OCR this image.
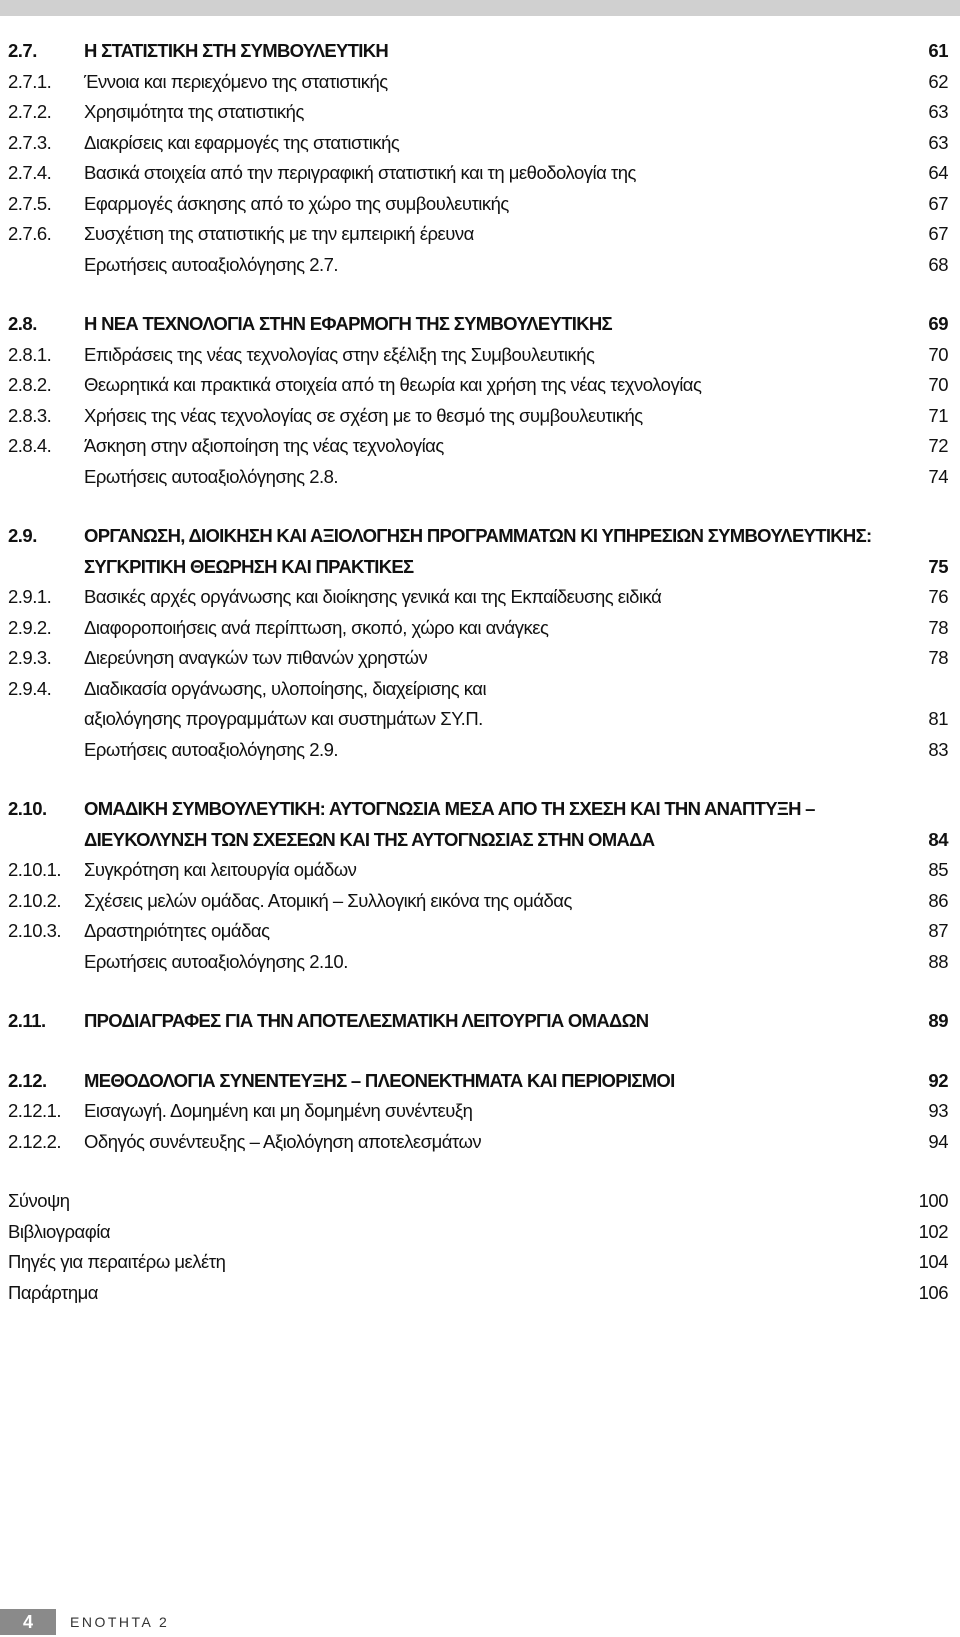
2.7.	Η ΣΤΑΤΙΣΤΙΚΗ ΣΤΗ ΣΥΜΒΟΥΛΕΥΤΙΚΗ	61
2.7.1. Έννοια και περιεχόμενο της στατιστικής	62
2.7.2. Χρησιμότητα της στατιστικής	63
2.7.3. Διακρίσεις και εφαρμογές της στατιστικής	63
2.7.4. Βασικά στοιχεία από την περιγραφική στατιστική και τη μεθοδολογία της	64
2.7.5. Εφαρμογές άσκησης από το χώρο της συμβουλευτικής	67
2.7.6. Συσχέτιση της στατιστικής με την εμπειρική έρευνα	67
Ερωτήσεις αυτοαξιολόγησης 2.7.	68
2.8.	Η ΝΕΑ ΤΕΧΝΟΛΟΓΙΑ ΣΤΗΝ ΕΦΑΡΜΟΓΗ ΤΗΣ ΣΥΜΒΟΥΛΕΥΤΙΚΗΣ	69
2.8.1. Επιδράσεις της νέας τεχνολογίας στην εξέλιξη της Συμβουλευτικής	70
2.8.2. Θεωρητικά και πρακτικά στοιχεία από τη θεωρία και χρήση της νέας τεχνολογίας	70
2.8.3. Χρήσεις της νέας τεχνολογίας σε σχέση με το θεσμό της συμβουλευτικής	71
2.8.4. Άσκηση στην αξιοποίηση της νέας τεχνολογίας	72
Ερωτήσεις αυτοαξιολόγησης 2.8.	74
2.9.	ΟΡΓΑΝΩΣΗ, ΔΙΟΙΚΗΣΗ ΚΑΙ ΑΞΙΟΛΟΓΗΣΗ ΠΡΟΓΡΑΜΜΑΤΩΝ ΚΙ ΥΠΗΡΕΣΙΩΝ ΣΥΜΒΟΥΛΕΥΤΙΚΗΣ:
ΣΥΓΚΡΙΤΙΚΗ ΘΕΩΡΗΣΗ ΚΑΙ ΠΡΑΚΤΙΚΕΣ	75
2.9.1. Βασικές αρχές οργάνωσης και διοίκησης γενικά και της Εκπαίδευσης ειδικά	76
2.9.2. Διαφοροποιήσεις ανά περίπτωση, σκοπό, χώρο και ανάγκες	78
2.9.3. Διερεύνηση αναγκών των πιθανών χρηστών	78
2.9.4. Διαδικασία οργάνωσης, υλοποίησης, διαχείρισης και
αξιολόγησης προγραμμάτων και συστημάτων ΣΥ.Π.	81
Ερωτήσεις αυτοαξιολόγησης 2.9.	83
2.10. ΟΜΑΔΙΚΗ ΣΥΜΒΟΥΛΕΥΤΙΚΗ: ΑΥΤΟΓΝΩΣΙΑ ΜΕΣΑ ΑΠΟ ΤΗ ΣΧΕΣΗ ΚΑΙ ΤΗΝ ΑΝΑΠΤΥΞΗ –
ΔΙΕΥΚΟΛΥΝΣΗ ΤΩΝ ΣΧΕΣΕΩΝ ΚΑΙ ΤΗΣ ΑΥΤΟΓΝΩΣΙΑΣ ΣΤΗΝ ΟΜΑΔΑ	84
2.10.1. Συγκρότηση και λειτουργία ομάδων	85
2.10.2. Σχέσεις μελών ομάδας. Ατομική – Συλλογική εικόνα της ομάδας	86
2.10.3. Δραστηριότητες ομάδας	87
Ερωτήσεις αυτοαξιολόγησης 2.10.	88
2.11. ΠΡΟΔΙΑΓΡΑΦΕΣ ΓΙΑ ΤΗΝ ΑΠΟΤΕΛΕΣΜΑΤΙΚΗ ΛΕΙΤΟΥΡΓΙΑ ΟΜΑΔΩΝ	89
2.12. ΜΕΘΟΔΟΛΟΓΙΑ ΣΥΝΕΝΤΕΥΞΗΣ – ΠΛΕΟΝΕΚΤΗΜΑΤΑ ΚΑΙ ΠΕΡΙΟΡΙΣΜΟΙ	92
2.12.1. Εισαγωγή. Δομημένη και μη δομημένη συνέντευξη	93
2.12.2. Οδηγός συνέντευξης – Αξιολόγηση αποτελεσμάτων	94
Σύνοψη	100
Βιβλιογραφία	102
Πηγές για περαιτέρω μελέτη	104
Παράρτημα	106
4	ΕΝΟΤΗΤΑ 2
